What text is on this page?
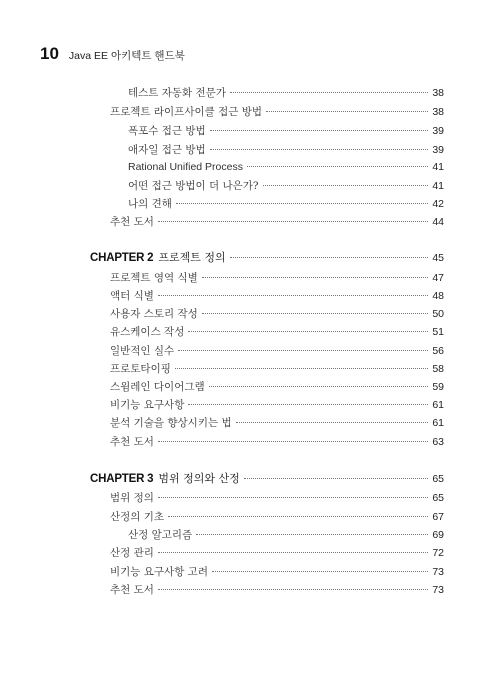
10 Java EE 아키텍트 핸드북
테스트 자동화 전문가	38
프로젝트 라이프사이클 접근 방법	38
폭포수 접근 방법	39
애자일 접근 방법	39
Rational Unified Process	41
어떤 접근 방법이 더 나은가?	41
나의 견해	42
추천 도서	44
CHAPTER 2 프로젝트 정의	45
프로젝트 영역 식별	47
액터 식별	48
사용자 스토리 작성	50
유스케이스 작성	51
일반적인 실수	56
프로토타이핑	58
스윔레인 다이어그램	59
비기능 요구사항	61
분석 기술을 향상시키는 법	61
추천 도서	63
CHAPTER 3 범위 정의와 산정	65
범위 정의	65
산정의 기초	67
산정 알고리즘	69
산정 관리	72
비기능 요구사항 고려	73
추천 도서	73
